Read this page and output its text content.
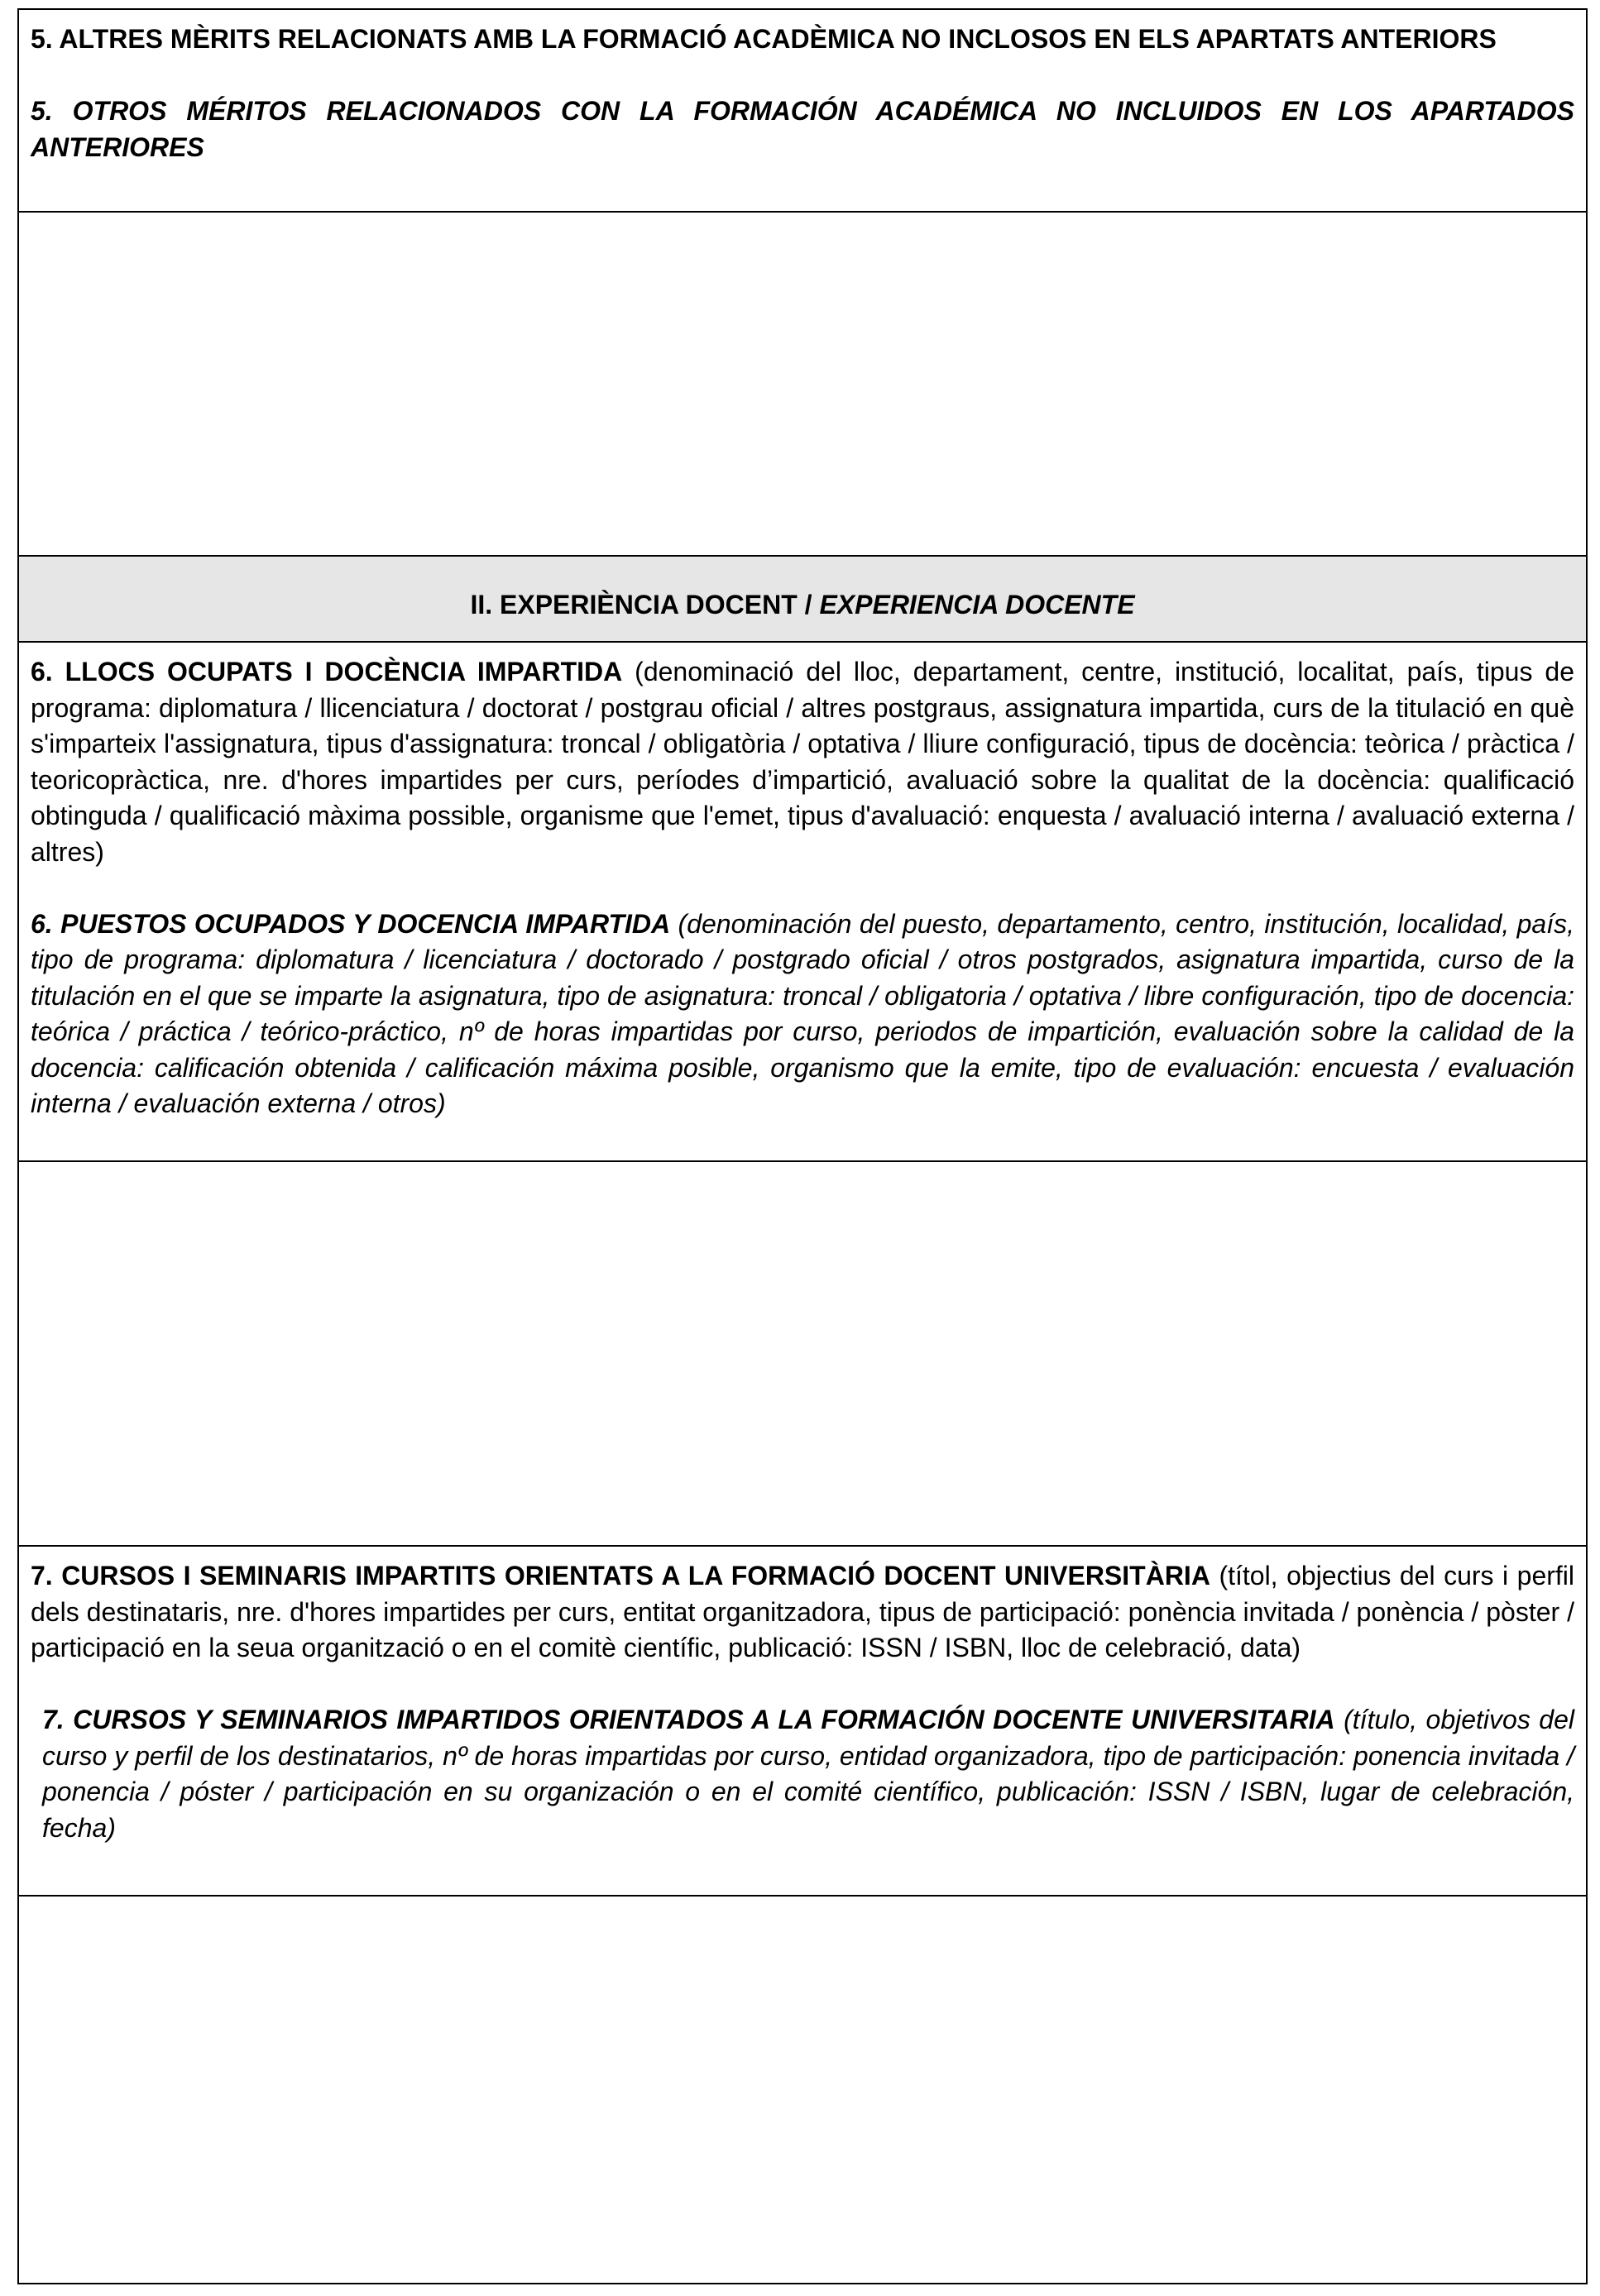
5. ALTRES MÈRITS RELACIONATS AMB LA FORMACIÓ ACADÈMICA NO INCLOSOS EN ELS APARTATS ANTERIORS

5. OTROS MÉRITOS RELACIONADOS CON LA FORMACIÓN ACADÉMICA NO INCLUIDOS EN LOS APARTADOS ANTERIORES

II. EXPERIÈNCIA DOCENT / EXPERIENCIA DOCENTE

6. LLOCS OCUPATS I DOCÈNCIA IMPARTIDA (denominació del lloc, departament, centre, institució, localitat, país, tipus de programa: diplomatura / llicenciatura / doctorat / postgrau oficial / altres postgraus, assignatura impartida, curs de la titulació en què s'imparteix l'assignatura, tipus d'assignatura: troncal / obligatòria / optativa / lliure configuració, tipus de docència: teòrica / pràctica / teoricopràctica, nre. d'hores impartides per curs, períodes d’impartició, avaluació sobre la qualitat de la docència: qualificació obtinguda / qualificació màxima possible, organisme que l'emet, tipus d'avaluació: enquesta / avaluació interna / avaluació externa / altres)

6. PUESTOS OCUPADOS Y DOCENCIA IMPARTIDA (denominación del puesto, departamento, centro, institución, localidad, país, tipo de programa: diplomatura / licenciatura / doctorado / postgrado oficial / otros postgrados, asignatura impartida, curso de la titulación en el que se imparte la asignatura, tipo de asignatura: troncal / obligatoria / optativa / libre configuración, tipo de docencia: teórica / práctica / teórico-práctico, nº de horas impartidas por curso, periodos de impartición, evaluación sobre la calidad de la docencia: calificación obtenida / calificación máxima posible, organismo que la emite, tipo de evaluación: encuesta / evaluación interna / evaluación externa / otros)

7. CURSOS I SEMINARIS IMPARTITS ORIENTATS A LA FORMACIÓ DOCENT UNIVERSITÀRIA (títol, objectius del curs i perfil dels destinataris, nre. d'hores impartides per curs, entitat organitzadora, tipus de participació: ponència invitada / ponència / pòster / participació en la seua organització o en el comitè científic, publicació: ISSN / ISBN, lloc de celebració, data)

7. CURSOS Y SEMINARIOS IMPARTIDOS ORIENTADOS A LA FORMACIÓN DOCENTE UNIVERSITARIA (título, objetivos del curso y perfil de los destinatarios, nº de horas impartidas por curso, entidad organizadora, tipo de participación: ponencia invitada / ponencia / póster / participación en su organización o en el comité científico, publicación: ISSN / ISBN, lugar de celebración, fecha)
